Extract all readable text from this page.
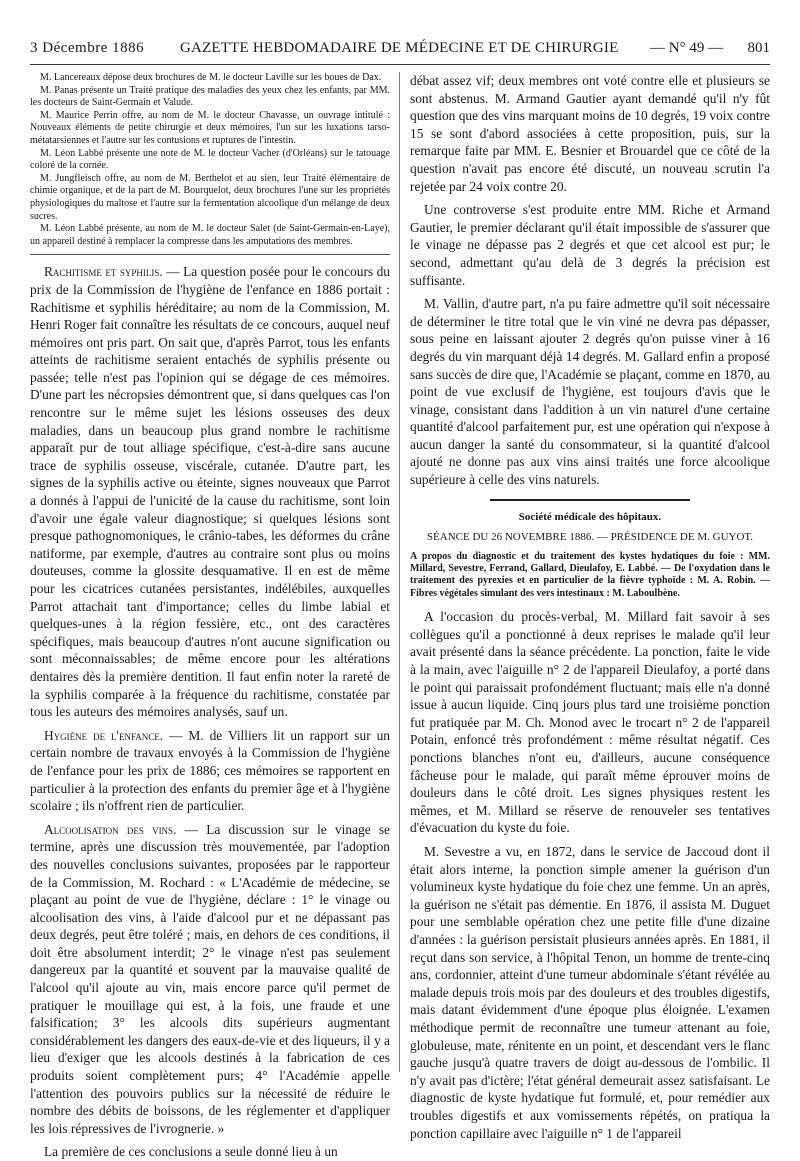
3 Décembre 1886 GAZETTE HEBDOMADAIRE DE MÉDECINE ET DE CHIRURGIE — N° 49 — 801

M. Lancereaux dépose deux brochures de M. le docteur Laville sur les boues de Dax.

M. Panas présente un Traité pratique des maladies des yeux chez les enfants, par MM. les docteurs de Saint-Germain et Valude.

M. Maurice Perrin offre, au nom de M. le docteur Chavasse, un ouvrage intitulé : Nouveaux éléments de petite chirurgie et deux mémoires, l'un sur les luxations tarso-métatarsiennes et l'autre sur les contusions et ruptures de l'intestin.

M. Léon Labbé présente une note de M. le docteur Vacher (d'Orléans) sur le tatouage coloré de la cornée.

M. Jungfleisch offre, au nom de M. Berthelot et au sien, leur Traité élémentaire de chimie organique, et de la part de M. Bourquelot, deux brochures l'une sur les propriétés physiologiques du maltose et l'autre sur la fermentation alcoolique d'un mélange de deux sucres.

M. Léon Labbé présente, au nom de M. le docteur Salet (de Saint-Germain-en-Laye), un appareil destiné à remplacer la compresse dans les amputations des membres.

Rachitisme et syphilis. — La question posée pour le concours du prix de la Commission de l'hygiène de l'enfance en 1886 portait : Rachitisme et syphilis héréditaire; au nom de la Commission, M. Henri Roger fait connaître les résultats de ce concours, auquel neuf mémoires ont pris part. On sait que, d'après Parrot, tous les enfants atteints de rachitisme seraient entachés de syphilis présente ou passée; telle n'est pas l'opinion qui se dégage de ces mémoires. D'une part les nécropsies démontrent que, si dans quelques cas l'on rencontre sur le même sujet les lésions osseuses des deux maladies, dans un beaucoup plus grand nombre le rachitisme apparaît pur de tout alliage spécifique, c'est-à-dire sans aucune trace de syphilis osseuse, viscérale, cutanée. D'autre part, les signes de la syphilis active ou éteinte, signes nouveaux que Parrot a donnés à l'appui de l'unicité de la cause du rachitisme, sont loin d'avoir une égale valeur diagnostique; si quelques lésions sont presque pathognomoniques, le crânio-tabes, les déformes du crâne natiforme, par exemple, d'autres au contraire sont plus ou moins douteuses, comme la glossite desquamative. Il en est de même pour les cicatrices cutanées persistantes, indélébiles, auxquelles Parrot attachait tant d'importance; celles du limbe labial et quelques-unes à la région fessière, etc., ont des caractères spécifiques, mais beaucoup d'autres n'ont aucune signification ou sont méconnaissables; de même encore pour les altérations dentaires dès la première dentition. Il faut enfin noter la rareté de la syphilis comparée à la fréquence du rachitisme, constatée par tous les auteurs des mémoires analysés, sauf un.

Hygiène de l'enfance. — M. de Villiers lit un rapport sur un certain nombre de travaux envoyés à la Commission de l'hygiène de l'enfance pour les prix de 1886; ces mémoires se rapportent en particulier à la protection des enfants du premier âge et à l'hygiène scolaire ; ils n'offrent rien de particulier.

Alcoolisation des vins. — La discussion sur le vinage se termine, après une discussion très mouvementée, par l'adoption des nouvelles conclusions suivantes, proposées par le rapporteur de la Commission, M. Rochard : « L'Académie de médecine, se plaçant au point de vue de l'hygiène, déclare : 1° le vinage ou alcoolisation des vins, à l'aide d'alcool pur et ne dépassant pas deux degrés, peut être toléré ; mais, en dehors de ces conditions, il doit être absolument interdit; 2° le vinage n'est pas seulement dangereux par la quantité et souvent par la mauvaise qualité de l'alcool qu'il ajoute au vin, mais encore parce qu'il permet de pratiquer le mouillage qui est, à la fois, une fraude et une falsification; 3° les alcools dits supérieurs augmentant considérablement les dangers des eaux-de-vie et des liqueurs, il y a lieu d'exiger que les alcools destinés à la fabrication de ces produits soient complètement purs; 4° l'Académie appelle l'attention des pouvoirs publics sur la nécessité de réduire le nombre des débits de boissons, de les réglementer et d'appliquer les lois répressives de l'ivrognerie. »

La première de ces conclusions a seule donné lieu à un

débat assez vif; deux membres ont voté contre elle et plusieurs se sont abstenus. M. Armand Gautier ayant demandé qu'il n'y fût question que des vins marquant moins de 10 degrés, 19 voix contre 15 se sont d'abord associées à cette proposition, puis, sur la remarque faite par MM. E. Besnier et Brouardel que ce côté de la question n'avait pas encore été discuté, un nouveau scrutin l'a rejetée par 24 voix contre 20.

Une controverse s'est produite entre MM. Riche et Armand Gautier, le premier déclarant qu'il était impossible de s'assurer que le vinage ne dépasse pas 2 degrés et que cet alcool est pur; le second, admettant qu'au delà de 3 degrés la précision est suffisante.

M. Vallin, d'autre part, n'a pu faire admettre qu'il soit nécessaire de déterminer le titre total que le vin viné ne devra pas dépasser, sous peine en laissant ajouter 2 degrés qu'on puisse viner à 16 degrés du vin marquant déjà 14 degrés. M. Gallard enfin a proposé sans succès de dire que, l'Académie se plaçant, comme en 1870, au point de vue exclusif de l'hygiène, est toujours d'avis que le vinage, consistant dans l'addition à un vin naturel d'une certaine quantité d'alcool parfaitement pur, est une opération qui n'expose à aucun danger la santé du consommateur, si la quantité d'alcool ajouté ne donne pas aux vins ainsi traités une force alcoolique supérieure à celle des vins naturels.

Société médicale des hôpitaux.
SÉANCE DU 26 NOVEMBRE 1886. — PRÉSIDENCE DE M. GUYOT.
A propos du diagnostic et du traitement des kystes hydatiques du foie : MM. Millard, Sevestre, Ferrand, Gallard, Dieulafoy, E. Labbé. — De l'oxydation dans le traitement des pyrexies et en particulier de la fièvre typhoïde : M. A. Robin. — Fibres végétales simulant des vers intestinaux : M. Laboulbène.

A l'occasion du procès-verbal, M. Millard fait savoir à ses collègues qu'il a ponctionné à deux reprises le malade qu'il leur avait présenté dans la séance précédente. La ponction, faite le vide à la main, avec l'aiguille n° 2 de l'appareil Dieulafoy, a porté dans le point qui paraissait profondément fluctuant; mais elle n'a donné issue à aucun liquide. Cinq jours plus tard une troisième ponction fut pratiquée par M. Ch. Monod avec le trocart n° 2 de l'appareil Potain, enfoncé très profondément : même résultat négatif. Ces ponctions blanches n'ont eu, d'ailleurs, aucune conséquence fâcheuse pour le malade, qui paraît même éprouver moins de douleurs dans le côté droit. Les signes physiques restent les mêmes, et M. Millard se réserve de renouveler ses tentatives d'évacuation du kyste du foie.

M. Sevestre a vu, en 1872, dans le service de Jaccoud dont il était alors interne, la ponction simple amener la guérison d'un volumineux kyste hydatique du foie chez une femme. Un an après, la guérison ne s'était pas démentie. En 1876, il assista M. Duguet pour une semblable opération chez une petite fille d'une dizaine d'années : la guérison persistait plusieurs années après. En 1881, il reçut dans son service, à l'hôpital Tenon, un homme de trente-cinq ans, cordonnier, atteint d'une tumeur abdominale s'étant révélée au malade depuis trois mois par des douleurs et des troubles digestifs, mais datant évidemment d'une époque plus éloignée. L'examen méthodique permit de reconnaître une tumeur attenant au foie, globuleuse, mate, rénitente en un point, et descendant vers le flanc gauche jusqu'à quatre travers de doigt au-dessous de l'ombilic. Il n'y avait pas d'ictère; l'état général demeurait assez satisfaisant. Le diagnostic de kyste hydatique fut formulé, et, pour remédier aux troubles digestifs et aux vomissements répétés, on pratiqua la ponction capillaire avec l'aiguille n° 1 de l'appareil
